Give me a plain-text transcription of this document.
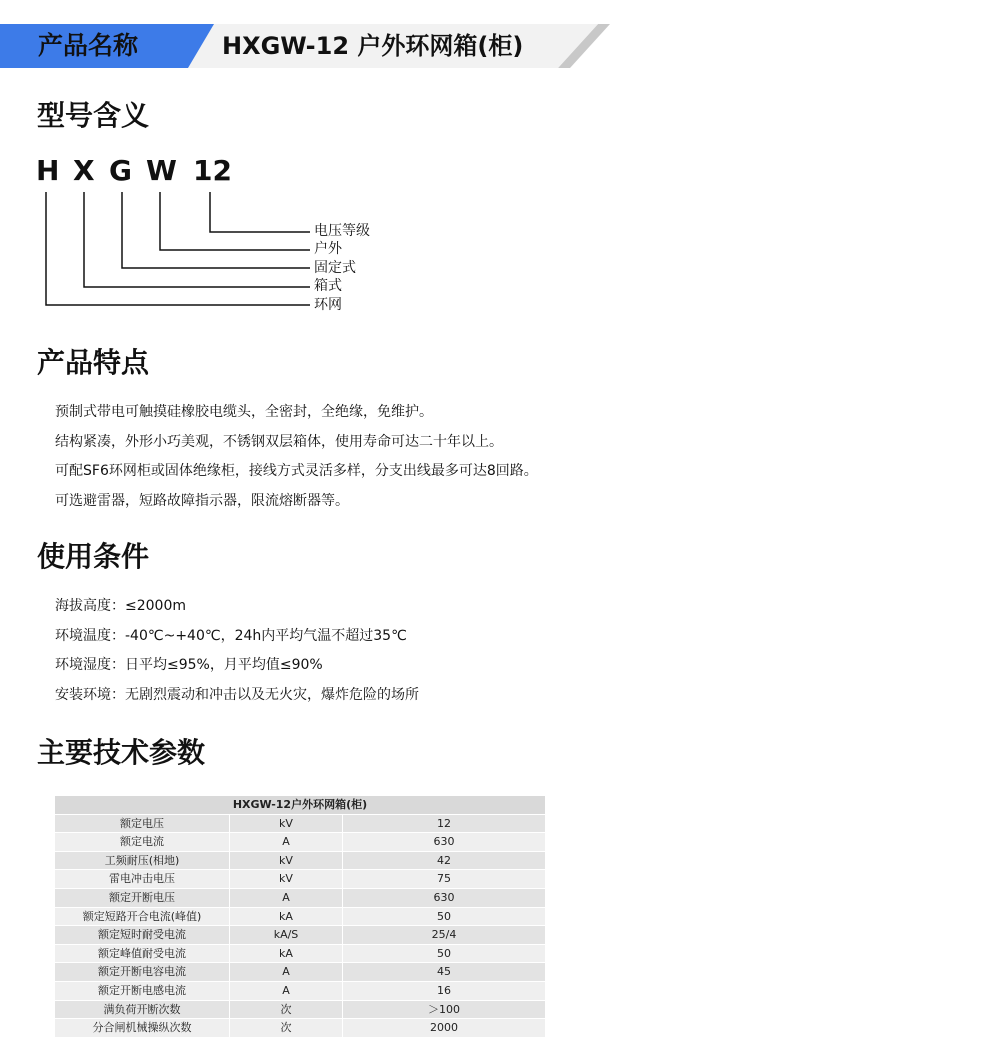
产品名称	HXGW-12 户外环网箱(柜)
型号含义
H X G W 12
电压等级
户外
固定式
箱式
环网
产品特点
预制式带电可触摸硅橡胶电缆头，全密封，全绝缘，免维护。
结构紧凑，外形小巧美观，不锈钢双层箱体，使用寿命可达二十年以上。
可配SF6环网柜或固体绝缘柜，接线方式灵活多样，分支出线最多可达8回路。
可选避雷器，短路故障指示器，限流熔断器等。
使用条件
海拔高度：≤2000m
环境温度：-40℃~+40℃，24h内平均气温不超过35℃
环境湿度：日平均≤95%，月平均值≤90%
安装环境：无剧烈震动和冲击以及无火灾，爆炸危险的场所
主要技术参数
HXGW-12户外环网箱(柜)		
额定电压	kV	12
额定电流	A	630
工频耐压(相地)	kV	42
雷电冲击电压	kV	75
额定开断电压	A	630
额定短路开合电流(峰值)	kA	50
额定短时耐受电流	kA/S	25/4
额定峰值耐受电流	kA	50
额定开断电容电流	A	45
额定开断电感电流	A	16
满负荷开断次数	次	＞100
分合闸机械操纵次数	次	2000
